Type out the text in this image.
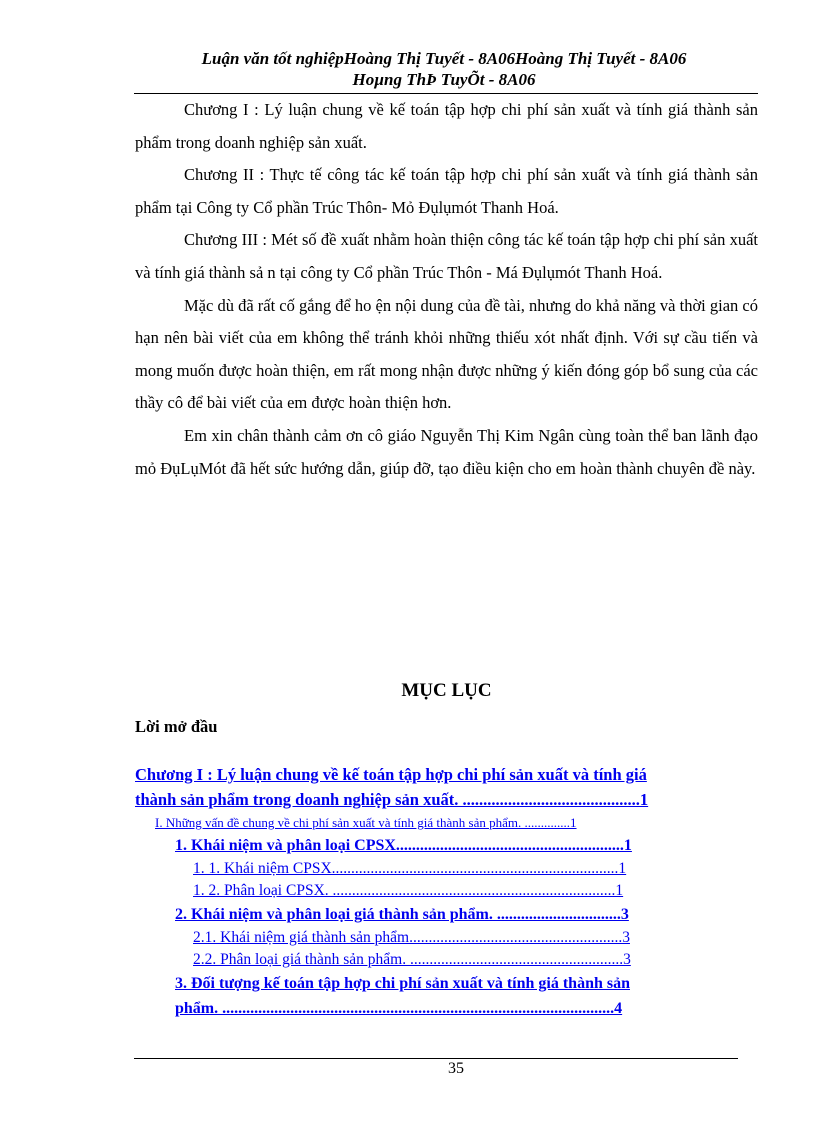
Luận văn tốt nghiệpHoàng Thị Tuyết - 8A06Hoàng Thị Tuyết - 8A06
Hoµng ThÞ TuyÕt - 8A06

Chương I : Lý luận chung về kế toán tập hợp chi phí sản xuất và tính giá thành sản phẩm trong doanh nghiệp sản xuất.

Chương II : Thực tế công tác kế toán tập hợp chi phí sản xuất và tính giá thành sản phẩm tại Công ty Cổ phần Trúc Thôn- Mỏ Đụlụmót Thanh Hoá.

Chương III : Mét số đề xuất nhằm hoàn thiện công tác kế toán tập hợp chi phí sản xuất và tính giá thành sả n tại công ty Cổ phần Trúc Thôn - Má Đụlụmót Thanh Hoá.

Mặc dù đã rất cố gắng để ho ện nội dung của đề tài, nhưng do khả năng và thời gian có hạn nên bài viết của em không thể tránh khỏi những thiếu xót nhất định. Với sự cầu tiến và mong muốn được hoàn thiện, em rất mong nhận được những ý kiến đóng góp bổ sung của các thầy cô để bài viết của em được hoàn thiện hơn.

Em xin chân thành cảm ơn cô giáo Nguyễn Thị Kim Ngân cùng toàn thể ban lãnh đạo mỏ ĐụLụMót đã hết sức hướng dẫn, giúp đỡ, tạo điều kiện cho em hoàn thành chuyên đề này.

MỤC LỤC
Lời mở đầu
Chương I : Lý luận chung về kế toán tập hợp chi phí sản xuất và tính giá
thành sản phẩm trong doanh nghiệp sản xuất. ...........................................1
I. Những vấn đề chung về chi phí sản xuất và tính giá thành sản phẩm. ..............1
1. Khái niệm và phân loại CPSX.........................................................1
1. 1. Khái niệm CPSX..........................................................................1
1. 2. Phân loại CPSX. .........................................................................1
2. Khái niệm và phân loại giá thành sản phẩm. ...............................3
2.1. Khái niệm giá thành sản phẩm.......................................................3
2.2. Phân loại giá thành sản phẩm. .......................................................3
3. Đối tượng kế toán tập hợp chi phí sản xuất và tính giá thành sản
phẩm. ..................................................................................................4
35
